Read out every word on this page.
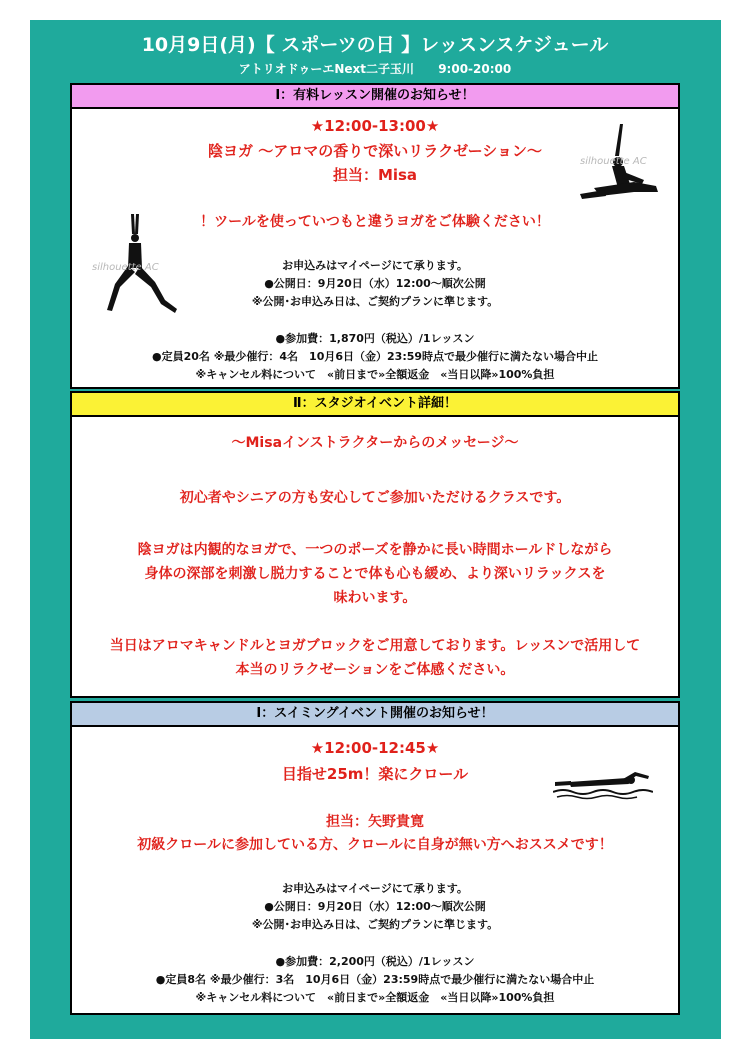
10月9日(月)【 スポーツの日 】レッスンスケジュール
アトリオドゥーエNext二子玉川 9:00-20:00
Ⅰ：有料レッスン開催のお知らせ！
★12:00-13:00★
陰ヨガ ～アロマの香りで深いリラクゼーション～
担当：Misa
！ツールを使っていつもと違うヨガをご体験ください！
お申込みはマイページにて承ります。
●公開日：9月20日（水）12:00～順次公開
※公開･お申込み日は、ご契約プランに準じます。
●参加費：1,870円（税込）/1レッスン
●定員20名 ※最少催行：4名　10月6日（金）23:59時点で最少催行に満たない場合中止
※キャンセル料について　«前日まで»全額返金　«当日以降»100%負担
silhouette AC
silhouette AC
Ⅱ：スタジオイベント詳細！
～Misaインストラクターからのメッセージ～
初心者やシニアの方も安心してご参加いただけるクラスです。
陰ヨガは内観的なヨガで、一つのポーズを静かに長い時間ホールドしながら
身体の深部を刺激し脱力することで体も心も緩め、より深いリラックスを
味わいます。
当日はアロマキャンドルとヨガブロックをご用意しております。レッスンで活用して
本当のリラクゼーションをご体感ください。
Ⅰ：スイミングイベント開催のお知らせ！
★12:00-12:45★
目指せ25m！楽にクロール
担当：矢野貴寛
初級クロールに参加している方、クロールに自身が無い方へおススメです！
お申込みはマイページにて承ります。
●公開日：9月20日（水）12:00～順次公開
※公開･お申込み日は、ご契約プランに準じます。
●参加費：2,200円（税込）/1レッスン
●定員8名 ※最少催行：3名　10月6日（金）23:59時点で最少催行に満たない場合中止
※キャンセル料について　«前日まで»全額返金　«当日以降»100%負担
